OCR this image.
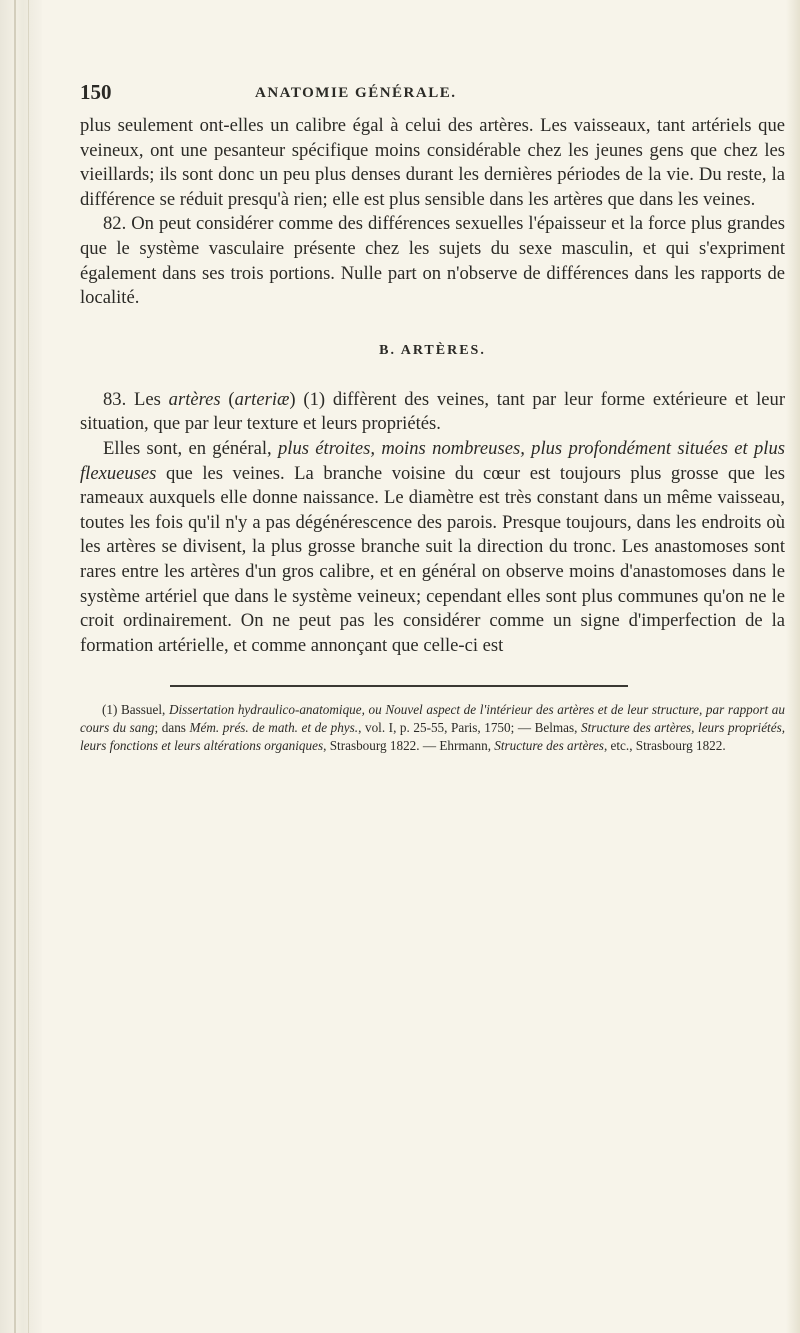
150	ANATOMIE GÉNÉRALE.

plus seulement ont-elles un calibre égal à celui des artères. Les vaisseaux, tant artériels que veineux, ont une pesanteur spécifique moins considérable chez les jeunes gens que chez les vieillards; ils sont donc un peu plus denses durant les dernières périodes de la vie. Du reste, la différence se réduit presqu'à rien; elle est plus sensible dans les artères que dans les veines.

82. On peut considérer comme des différences sexuelles l'épaisseur et la force plus grandes que le système vasculaire présente chez les sujets du sexe masculin, et qui s'expriment également dans ses trois portions. Nulle part on n'observe de différences dans les rapports de localité.

B. ARTÈRES.

83. Les artères (arteriæ) (1) diffèrent des veines, tant par leur forme extérieure et leur situation, que par leur texture et leurs propriétés.

Elles sont, en général, plus étroites, moins nombreuses, plus profondément situées et plus flexueuses que les veines. La branche voisine du cœur est toujours plus grosse que les rameaux auxquels elle donne naissance. Le diamètre est très constant dans un même vaisseau, toutes les fois qu'il n'y a pas dégénérescence des parois. Presque toujours, dans les endroits où les artères se divisent, la plus grosse branche suit la direction du tronc. Les anastomoses sont rares entre les artères d'un gros calibre, et en général on observe moins d'anastomoses dans le système artériel que dans le système veineux; cependant elles sont plus communes qu'on ne le croit ordinairement. On ne peut pas les considérer comme un signe d'imperfection de la formation artérielle, et comme annonçant que celle-ci est

(1) Bassuel, Dissertation hydraulico-anatomique, ou Nouvel aspect de l'intérieur des artères et de leur structure, par rapport au cours du sang; dans Mém. prés. de math. et de phys., vol. I, p. 25-55, Paris, 1750; — Belmas, Structure des artères, leurs propriétés, leurs fonctions et leurs altérations organiques, Strasbourg 1822. — Ehrmann, Structure des artères, etc., Strasbourg 1822.
